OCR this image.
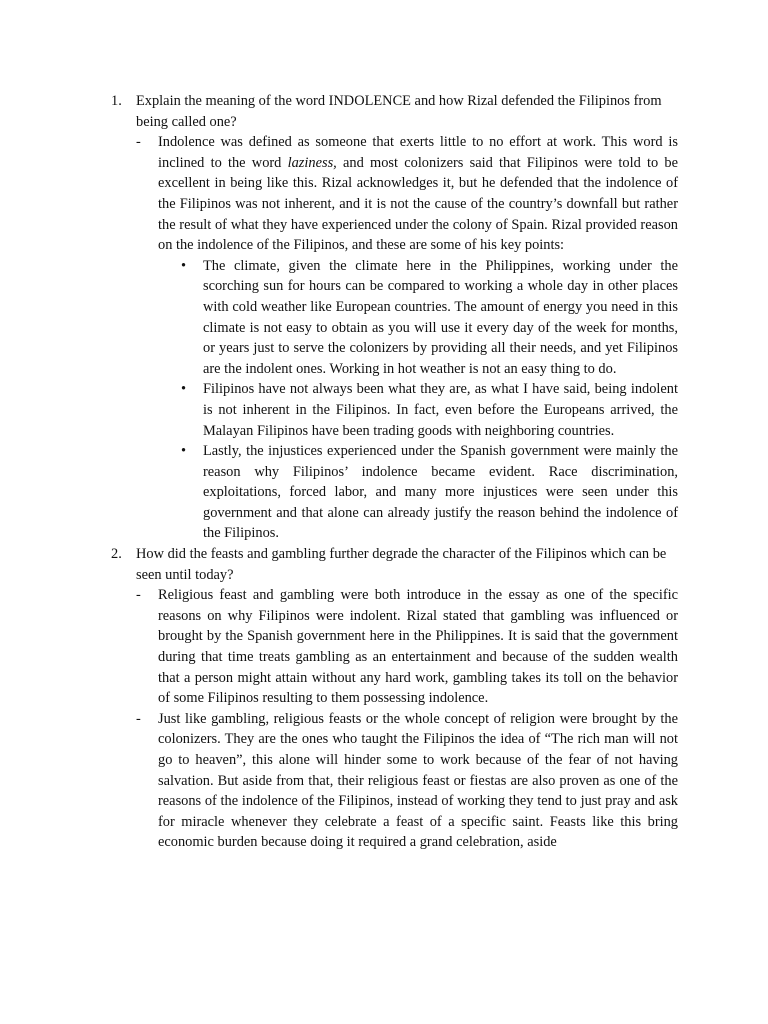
1. Explain the meaning of the word INDOLENCE and how Rizal defended the Filipinos from being called one?
- Indolence was defined as someone that exerts little to no effort at work. This word is inclined to the word laziness, and most colonizers said that Filipinos were told to be excellent in being like this. Rizal acknowledges it, but he defended that the indolence of the Filipinos was not inherent, and it is not the cause of the country’s downfall but rather the result of what they have experienced under the colony of Spain. Rizal provided reason on the indolence of the Filipinos, and these are some of his key points:
• The climate, given the climate here in the Philippines, working under the scorching sun for hours can be compared to working a whole day in other places with cold weather like European countries. The amount of energy you need in this climate is not easy to obtain as you will use it every day of the week for months, or years just to serve the colonizers by providing all their needs, and yet Filipinos are the indolent ones. Working in hot weather is not an easy thing to do.
• Filipinos have not always been what they are, as what I have said, being indolent is not inherent in the Filipinos. In fact, even before the Europeans arrived, the Malayan Filipinos have been trading goods with neighboring countries.
• Lastly, the injustices experienced under the Spanish government were mainly the reason why Filipinos’ indolence became evident. Race discrimination, exploitations, forced labor, and many more injustices were seen under this government and that alone can already justify the reason behind the indolence of the Filipinos.
2. How did the feasts and gambling further degrade the character of the Filipinos which can be seen until today?
- Religious feast and gambling were both introduce in the essay as one of the specific reasons on why Filipinos were indolent. Rizal stated that gambling was influenced or brought by the Spanish government here in the Philippines. It is said that the government during that time treats gambling as an entertainment and because of the sudden wealth that a person might attain without any hard work, gambling takes its toll on the behavior of some Filipinos resulting to them possessing indolence.
- Just like gambling, religious feasts or the whole concept of religion were brought by the colonizers. They are the ones who taught the Filipinos the idea of “The rich man will not go to heaven”, this alone will hinder some to work because of the fear of not having salvation. But aside from that, their religious feast or fiestas are also proven as one of the reasons of the indolence of the Filipinos, instead of working they tend to just pray and ask for miracle whenever they celebrate a feast of a specific saint. Feasts like this bring economic burden because doing it required a grand celebration, aside
